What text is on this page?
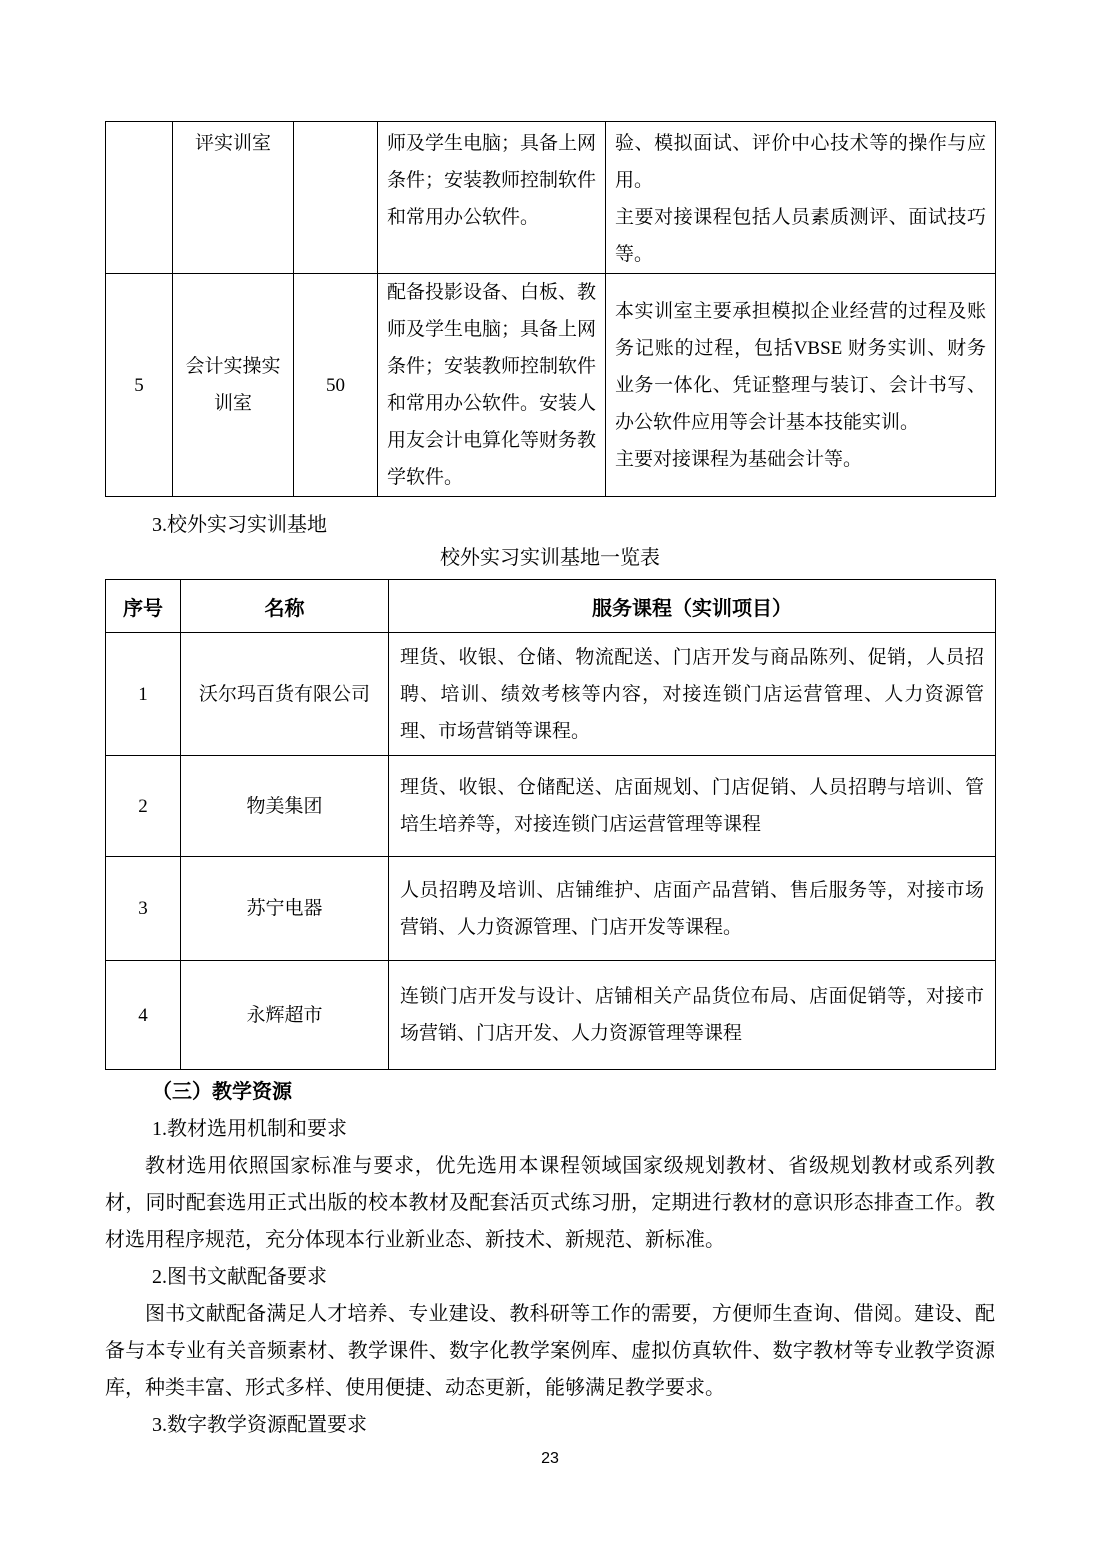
	评实训室		师及学生电脑；具备上网条件；安装教师控制软件和常用办公软件。	验、模拟面试、评价中心技术等的操作与应用。

主要对接课程包括人员素质测评、面试技巧等。

5	会计实操实训室	50	配备投影设备、白板、教师及学生电脑；具备上网条件；安装教师控制软件和常用办公软件。安装人用友会计电算化等财务教学软件。	本实训室主要承担模拟企业经营的过程及账务记账的过程，包括VBSE 财务实训、财务业务一体化、凭证整理与装订、会计书写、办公软件应用等会计基本技能实训。

主要对接课程为基础会计等。

3.校外实习实训基地
校外实习实训基地一览表
序号	名称	服务课程（实训项目）
1	沃尔玛百货有限公司	理货、收银、仓储、物流配送、门店开发与商品陈列、促销，人员招聘、培训、绩效考核等内容，对接连锁门店运营管理、人力资源管理、市场营销等课程。
2	物美集团	理货、收银、仓储配送、店面规划、门店促销、人员招聘与培训、管培生培养等，对接连锁门店运营管理等课程
3	苏宁电器	人员招聘及培训、店铺维护、店面产品营销、售后服务等，对接市场营销、人力资源管理、门店开发等课程。
4	永辉超市	连锁门店开发与设计、店铺相关产品货位布局、店面促销等，对接市场营销、门店开发、人力资源管理等课程

（三）教学资源

1.教材选用机制和要求

教材选用依照国家标准与要求，优先选用本课程领域国家级规划教材、省级规划教材或系列教材，同时配套选用正式出版的校本教材及配套活页式练习册，定期进行教材的意识形态排查工作。教材选用程序规范，充分体现本行业新业态、新技术、新规范、新标准。

2.图书文献配备要求

图书文献配备满足人才培养、专业建设、教科研等工作的需要，方便师生查询、借阅。建设、配备与本专业有关音频素材、教学课件、数字化教学案例库、虚拟仿真软件、数字教材等专业教学资源库，种类丰富、形式多样、使用便捷、动态更新，能够满足教学要求。

3.数字教学资源配置要求

23
